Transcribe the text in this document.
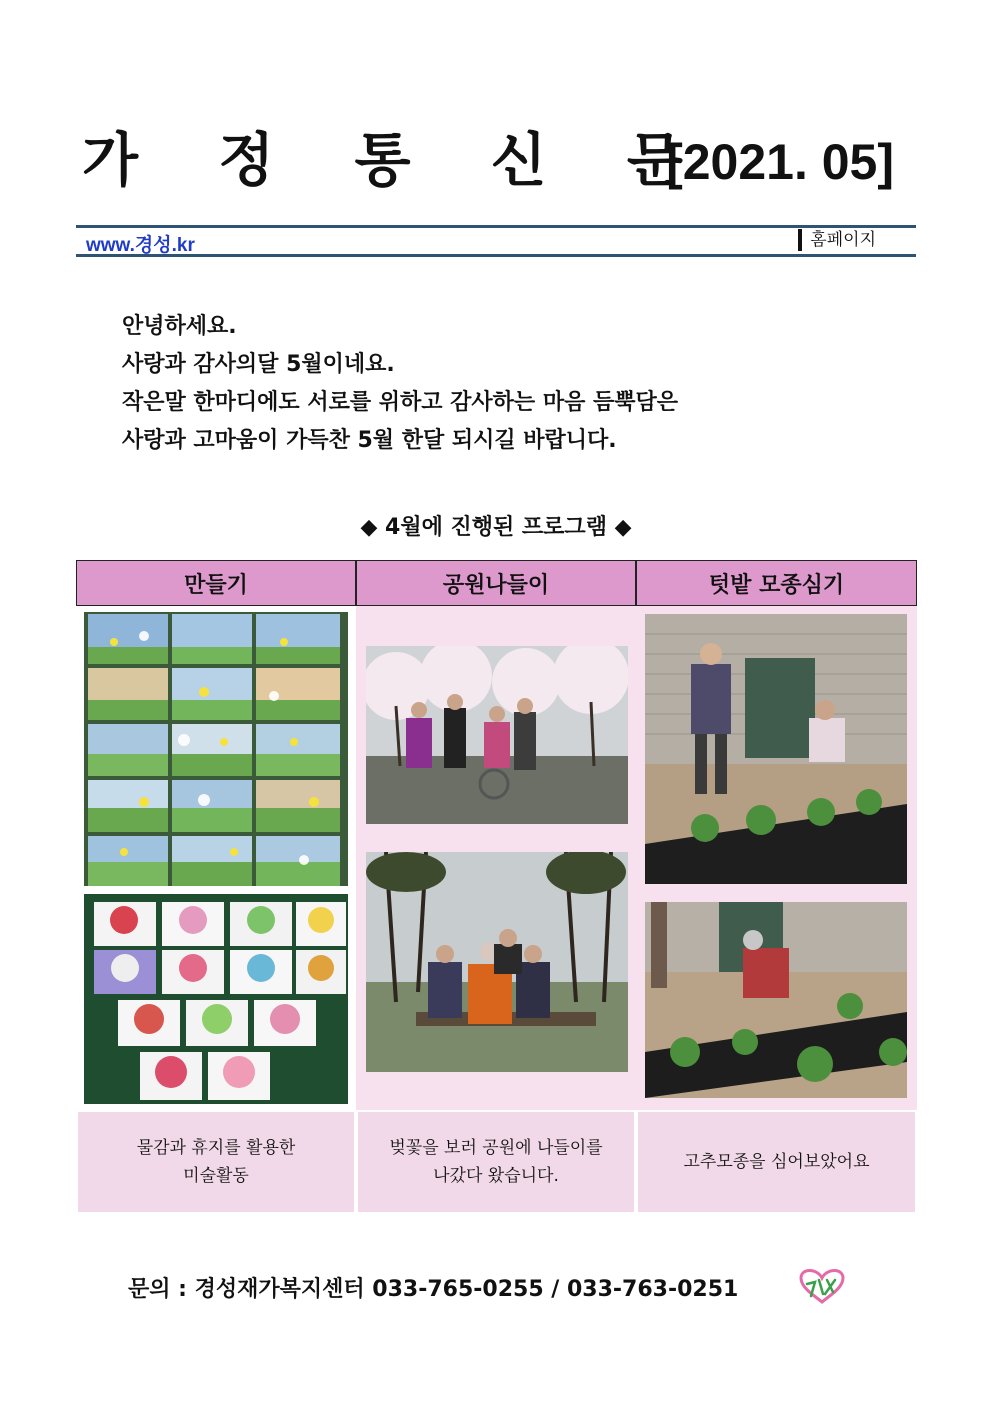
가 정 통 신 문
[2021. 05]
www.경성.kr	홈페이지

안녕하세요.

사랑과 감사의달 5월이네요.

작은말 한마디에도 서로를 위하고 감사하는 마음 듬뿍담은

사랑과 고마움이 가득찬 5월 한달 되시길 바랍니다.

◆ 4월에 진행된 프로그램 ◆
만들기
물감과 휴지를 활용한
미술활동
공원나들이
벚꽃을 보러 공원에 나들이를
나갔다 왔습니다.
텃밭 모종심기
고추모종을 심어보았어요
문의 : 경성재가복지센터 033-765-0255 / 033-763-0251
